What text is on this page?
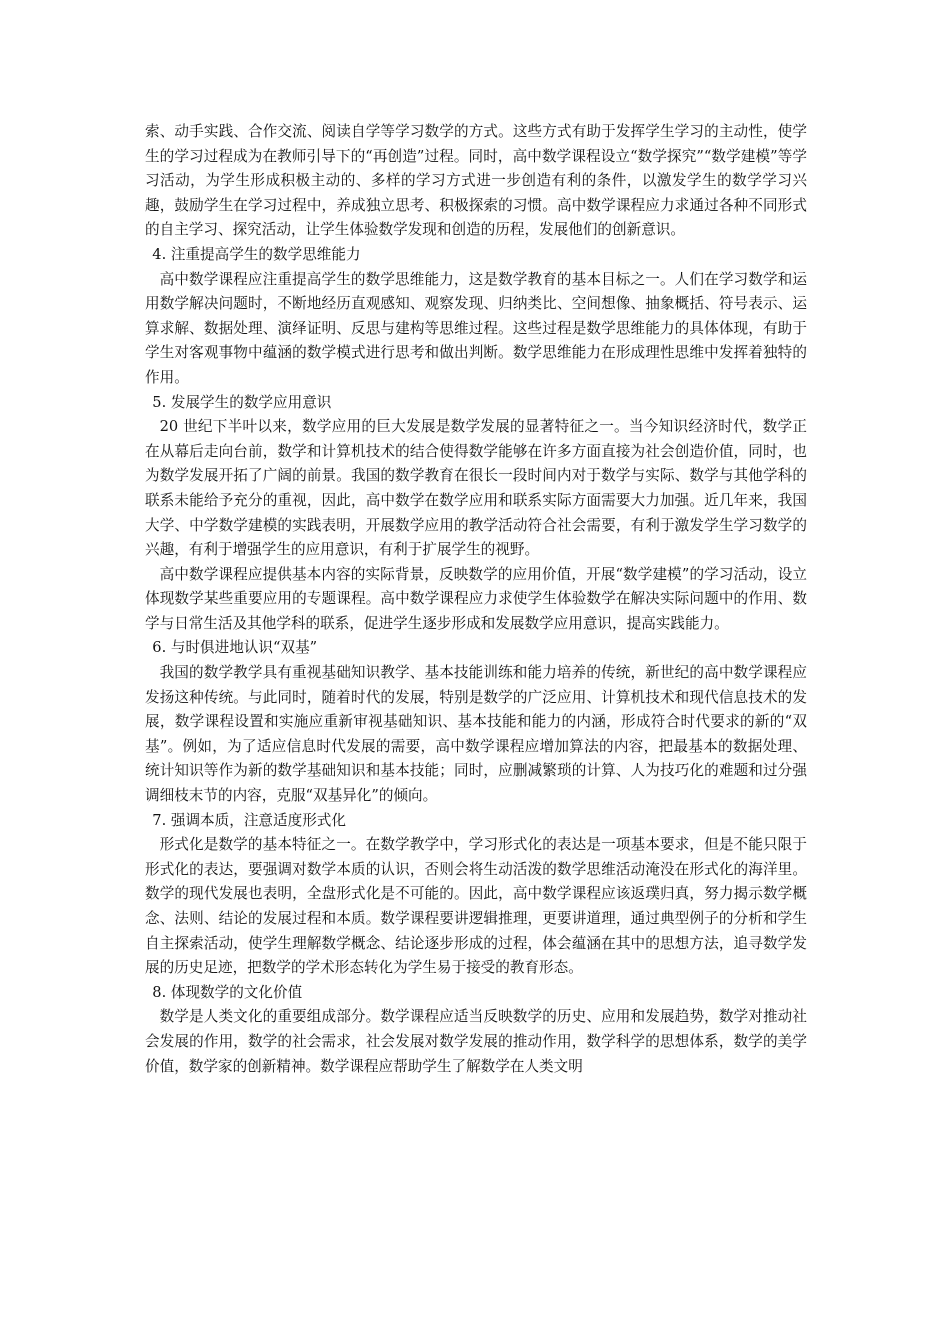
索、动手实践、合作交流、阅读自学等学习数学的方式。这些方式有助于发挥学生学习的主动性，使学生的学习过程成为在教师引导下的“再创造”过程。同时，高中数学课程设立“数学探究”“数学建模”等学习活动，为学生形成积极主动的、多样的学习方式进一步创造有利的条件，以激发学生的数学学习兴趣，鼓励学生在学习过程中，养成独立思考、积极探索的习惯。高中数学课程应力求通过各种不同形式的自主学习、探究活动，让学生体验数学发现和创造的历程，发展他们的创新意识。

4. 注重提高学生的数学思维能力

高中数学课程应注重提高学生的数学思维能力，这是数学教育的基本目标之一。人们在学习数学和运用数学解决问题时，不断地经历直观感知、观察发现、归纳类比、空间想像、抽象概括、符号表示、运算求解、数据处理、演绎证明、反思与建构等思维过程。这些过程是数学思维能力的具体体现，有助于学生对客观事物中蕴涵的数学模式进行思考和做出判断。数学思维能力在形成理性思维中发挥着独特的作用。

5. 发展学生的数学应用意识

20 世纪下半叶以来，数学应用的巨大发展是数学发展的显著特征之一。当今知识经济时代，数学正在从幕后走向台前，数学和计算机技术的结合使得数学能够在许多方面直接为社会创造价值，同时，也为数学发展开拓了广阔的前景。我国的数学教育在很长一段时间内对于数学与实际、数学与其他学科的联系未能给予充分的重视，因此，高中数学在数学应用和联系实际方面需要大力加强。近几年来，我国大学、中学数学建模的实践表明，开展数学应用的教学活动符合社会需要，有利于激发学生学习数学的兴趣，有利于增强学生的应用意识，有利于扩展学生的视野。

高中数学课程应提供基本内容的实际背景，反映数学的应用价值，开展“数学建模”的学习活动，设立体现数学某些重要应用的专题课程。高中数学课程应力求使学生体验数学在解决实际问题中的作用、数学与日常生活及其他学科的联系，促进学生逐步形成和发展数学应用意识，提高实践能力。

6. 与时俱进地认识“双基”

我国的数学教学具有重视基础知识教学、基本技能训练和能力培养的传统，新世纪的高中数学课程应发扬这种传统。与此同时，随着时代的发展，特别是数学的广泛应用、计算机技术和现代信息技术的发展，数学课程设置和实施应重新审视基础知识、基本技能和能力的内涵，形成符合时代要求的新的“双基”。例如，为了适应信息时代发展的需要，高中数学课程应增加算法的内容，把最基本的数据处理、统计知识等作为新的数学基础知识和基本技能；同时，应删减繁琐的计算、人为技巧化的难题和过分强调细枝末节的内容，克服“双基异化”的倾向。

7. 强调本质，注意适度形式化

形式化是数学的基本特征之一。在数学教学中，学习形式化的表达是一项基本要求，但是不能只限于形式化的表达，要强调对数学本质的认识，否则会将生动活泼的数学思维活动淹没在形式化的海洋里。数学的现代发展也表明，全盘形式化是不可能的。因此，高中数学课程应该返璞归真，努力揭示数学概念、法则、结论的发展过程和本质。数学课程要讲逻辑推理，更要讲道理，通过典型例子的分析和学生自主探索活动，使学生理解数学概念、结论逐步形成的过程，体会蕴涵在其中的思想方法，追寻数学发展的历史足迹，把数学的学术形态转化为学生易于接受的教育形态。

8. 体现数学的文化价值

数学是人类文化的重要组成部分。数学课程应适当反映数学的历史、应用和发展趋势，数学对推动社会发展的作用，数学的社会需求，社会发展对数学发展的推动作用，数学科学的思想体系，数学的美学价值，数学家的创新精神。数学课程应帮助学生了解数学在人类文明
